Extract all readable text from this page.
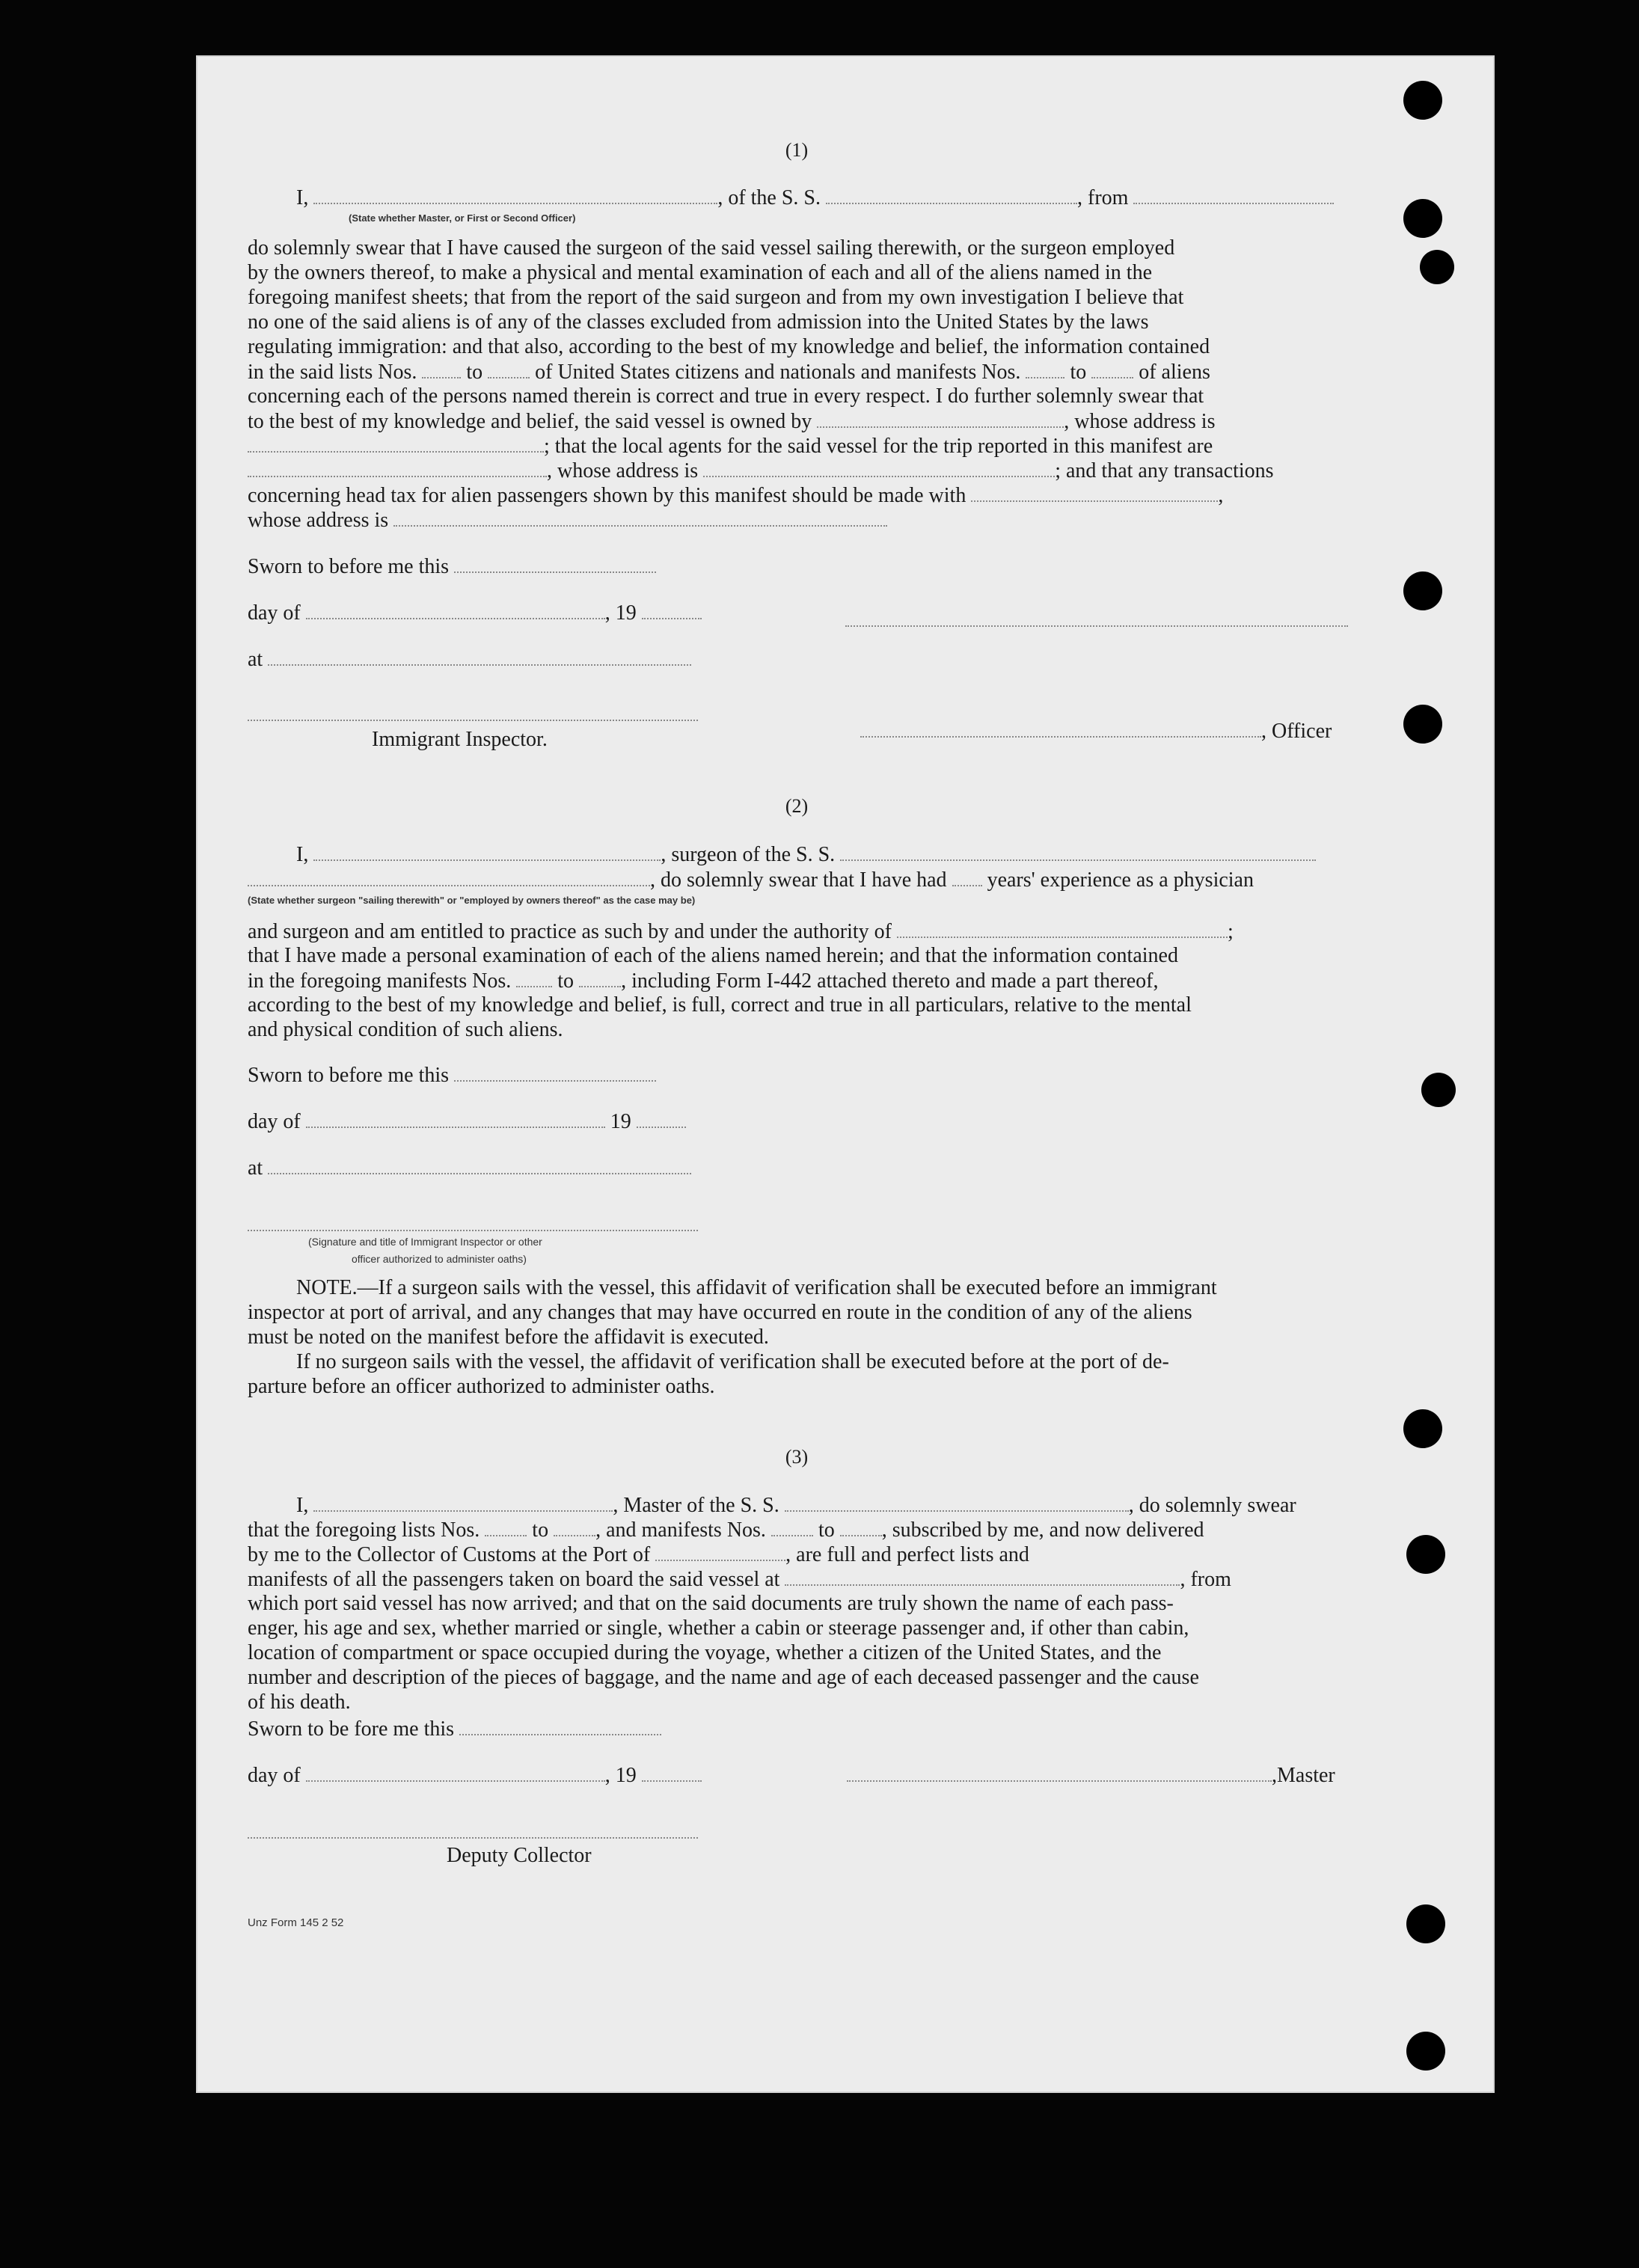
(1)
I,	, of the S. S.	, from
(State whether Master, or First or Second Officer)
do solemnly swear that I have caused the surgeon of the said vessel sailing therewith, or the surgeon employed
by the owners thereof, to make a physical and mental examination of each and all of the aliens named in the
foregoing manifest sheets; that from the report of the said surgeon and from my own investigation I believe that
no one of the said aliens is of any of the classes excluded from admission into the United States by the laws
regulating immigration: and that also, according to the best of my knowledge and belief, the information contained
in the said lists Nos. to	of United States citizens and nationals and manifests Nos. to	of aliens
concerning each of the persons named therein is correct and true in every respect. I do further solemnly swear that
to the best of my knowledge and belief, the said vessel is owned by	, whose address is
; that the local agents for the said vessel for the trip reported in this manifest are
, whose address is	; and that any transactions
concerning head tax for alien passengers shown by this manifest should be made with	,
whose address is
Sworn to before me this
day of	, 19
at
Immigrant Inspector.	, Officer
(2)
I,	, surgeon of the S. S.
, do solemnly swear that I have had years' experience as a physician
(State whether surgeon "sailing therewith" or "employed by owners thereof" as the case may be)
and surgeon and am entitled to practice as such by and under the authority of	;
that I have made a personal examination of each of the aliens named herein; and that the information contained
in the foregoing manifests Nos. to , including Form I-442 attached thereto and made a part thereof,
according to the best of my knowledge and belief, is full, correct and true in all particulars, relative to the mental
and physical condition of such aliens.
Sworn to before me this
day of	19
at
(Signature and title of Immigrant Inspector or other
officer authorized to administer oaths)
NOTE.—If a surgeon sails with the vessel, this affidavit of verification shall be executed before an immigrant
inspector at port of arrival, and any changes that may have occurred en route in the condition of any of the aliens
must be noted on the manifest before the affidavit is executed.
If no surgeon sails with the vessel, the affidavit of verification shall be executed before at the port of de-
parture before an officer authorized to administer oaths.
(3)
I,	, Master of the S. S.	, do solemnly swear
that the foregoing lists Nos.	to , and manifests Nos.	to , subscribed by me, and now delivered
by me to the Collector of Customs at the Port of	, are full and perfect lists and
manifests of all the passengers taken on board the said vessel at	, from
which port said vessel has now arrived; and that on the said documents are truly shown the name of each pass-
enger, his age and sex, whether married or single, whether a cabin or steerage passenger and, if other than cabin,
location of compartment or space occupied during the voyage, whether a citizen of the United States, and the
number and description of the pieces of baggage, and the name and age of each deceased passenger and the cause
of his death.
Sworn to be fore me this
day of	, 19	,Master
Deputy Collector
Unz Form 145 2 52
